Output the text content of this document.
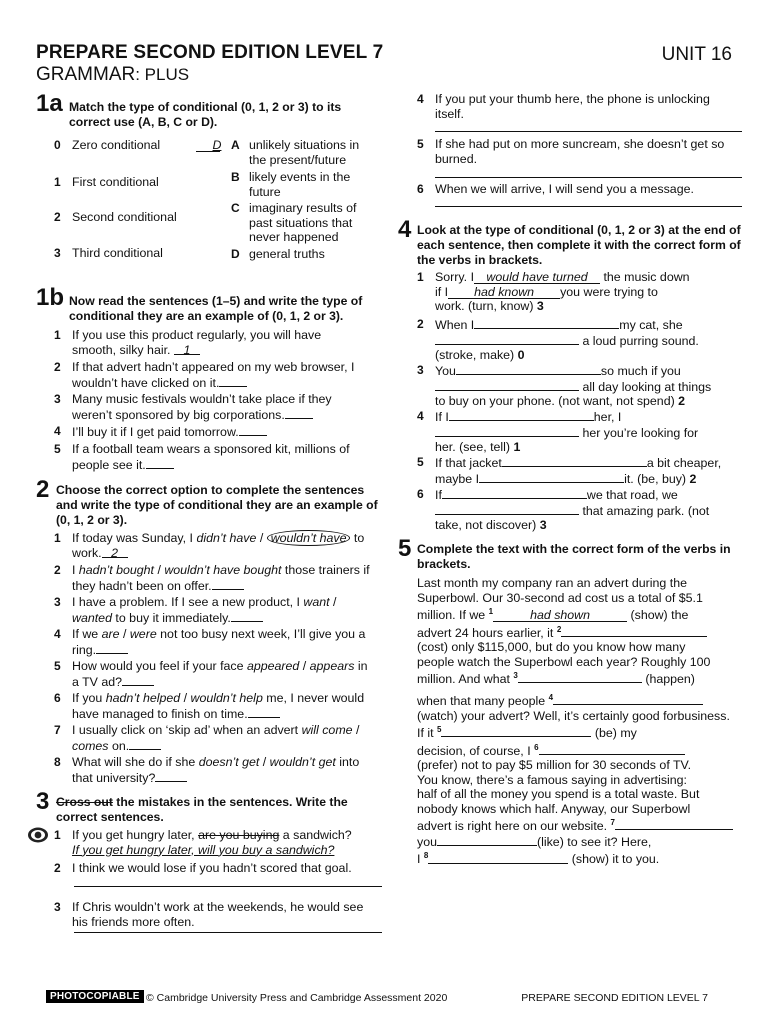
PREPARE SECOND EDITION LEVEL 7	UNIT 16
GRAMMAR: PLUS
1a Match the type of conditional (0, 1, 2 or 3) to its correct use (A, B, C or D).
0 Zero conditional	D
1 First conditional
2 Second conditional
3 Third conditional
A unlikely situations in the present/future
B likely events in the future
C imaginary results of past situations that never happened
D general truths
1b Now read the sentences (1–5) and write the type of conditional they are an example of (0, 1, 2 or 3).
1 If you use this product regularly, you will have smooth, silky hair. 1
2 If that advert hadn’t appeared on my web browser, I wouldn’t have clicked on it.
3 Many music festivals wouldn’t take place if they weren’t sponsored by big corporations.
4 I’ll buy it if I get paid tomorrow.
5 If a football team wears a sponsored kit, millions of people see it.
2 Choose the correct option to complete the sentences and write the type of conditional they are an example of (0, 1, 2 or 3).
1 If today was Sunday, I didn’t have / wouldn’t have to work. 2
2 I hadn’t bought / wouldn’t have bought those trainers if they hadn’t been on offer.
3 I have a problem. If I see a new product, I want / wanted to buy it immediately.
4 If we are / were not too busy next week, I’ll give you a ring.
5 How would you feel if your face appeared / appears in a TV ad?
6 If you hadn’t helped / wouldn’t help me, I never would have managed to finish on time.
7 I usually click on ‘skip ad’ when an advert will come / comes on.
8 What will she do if she doesn’t get / wouldn’t get into that university?
3 Cross out the mistakes in the sentences. Write the correct sentences.
1 If you get hungry later, are you buying a sandwich?
If you get hungry later, will you buy a sandwich?
2 I think we would lose if you hadn’t scored that goal.
3 If Chris wouldn’t work at the weekends, he would see his friends more often.
4 If you put your thumb here, the phone is unlocking itself.
5 If she had put on more suncream, she doesn’t get so burned.
6 When we will arrive, I will send you a message.
4 Look at the type of conditional (0, 1, 2 or 3) at the end of each sentence, then complete it with the correct form of the verbs in brackets.
1 Sorry. I would have turned the music down
if I had known you were trying to
work. (turn, know) 3
2 When I	my cat, she
a loud purring sound.
(stroke, make) 0
3 You	so much if you
all day looking at things
to buy on your phone. (not want, not spend) 2
4 If I	her, I
her you’re looking for
her. (see, tell) 1
5 If that jacket	a bit cheaper,
maybe I	it. (be, buy) 2
6 If	we that road, we
that amazing park. (not
take, not discover) 3
5 Complete the text with the correct form of the verbs in brackets.
Last month my company ran an advert during the
Superbowl. Our 30-second ad cost us a total of $5.1
million. If we $^1$	had shown	(show) the
advert 24 hours earlier, it $^2$
(cost) only $115,000, but do you know how many
people watch the Superbowl each year? Roughly 100
million. And what $^3$	(happen)
when that many people $^4$
(watch) your advert? Well, it’s certainly good forbusiness.
If it $^5$	(be) my
decision, of course, I $^6$
(prefer) not to pay $5 million for 30 seconds of TV.
You know, there’s a famous saying in advertising:
half of all the money you spend is a total waste. But
nobody knows which half. Anyway, our Superbowl
advert is right here on our website. $^7$
you	(like) to see it? Here,
I $^8$	(show) it to you.
PHOTOCOPIABLE © Cambridge University Press and Cambridge Assessment 2020	PREPARE SECOND EDITION LEVEL 7
